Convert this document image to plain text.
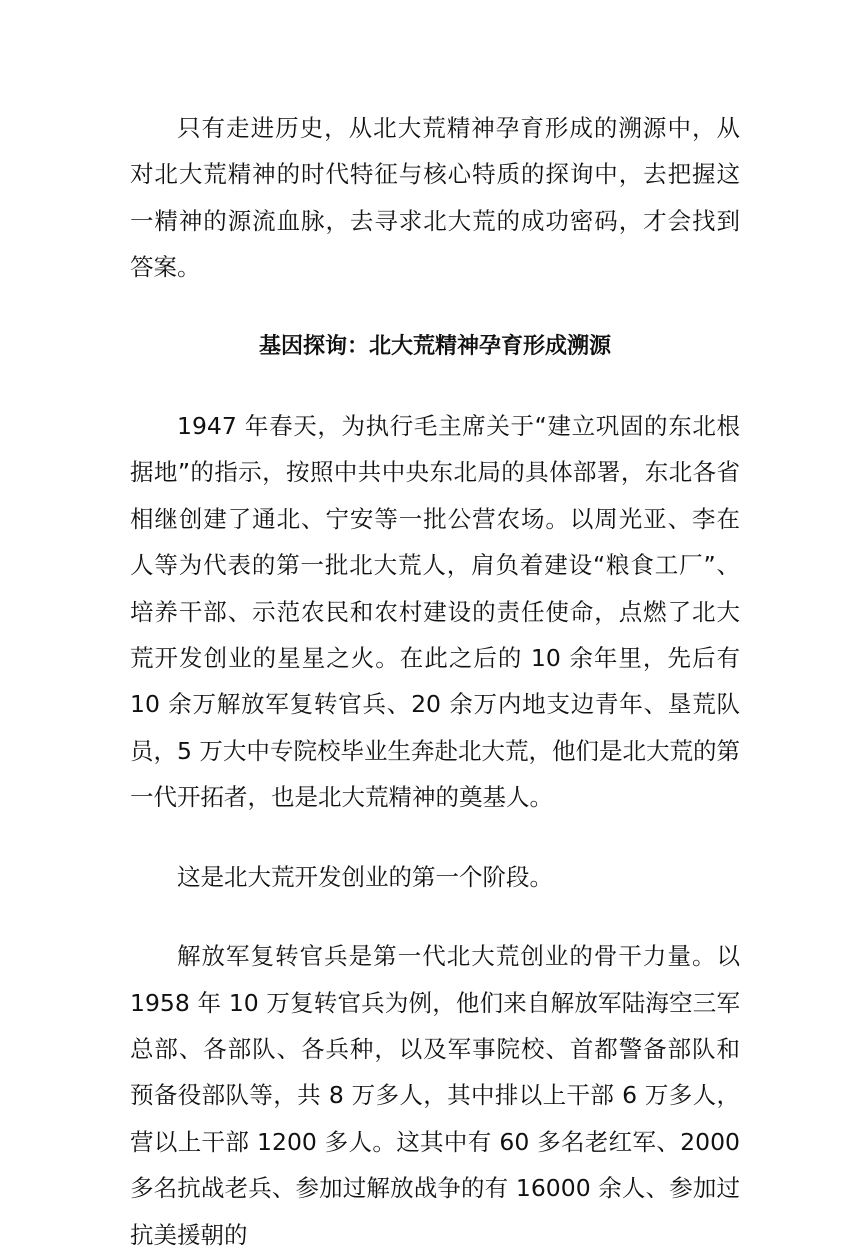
只有走进历史，从北大荒精神孕育形成的溯源中，从对北大荒精神的时代特征与核心特质的探询中，去把握这一精神的源流血脉，去寻求北大荒的成功密码，才会找到答案。

基因探询：北大荒精神孕育形成溯源

1947 年春天，为执行毛主席关于“建立巩固的东北根据地”的指示，按照中共中央东北局的具体部署，东北各省相继创建了通北、宁安等一批公营农场。以周光亚、李在人等为代表的第一批北大荒人，肩负着建设“粮食工厂”、培养干部、示范农民和农村建设的责任使命，点燃了北大荒开发创业的星星之火。在此之后的 10 余年里，先后有 10 余万解放军复转官兵、20 余万内地支边青年、垦荒队员，5 万大中专院校毕业生奔赴北大荒，他们是北大荒的第一代开拓者，也是北大荒精神的奠基人。

这是北大荒开发创业的第一个阶段。

解放军复转官兵是第一代北大荒创业的骨干力量。以 1958 年 10 万复转官兵为例，他们来自解放军陆海空三军总部、各部队、各兵种，以及军事院校、首都警备部队和预备役部队等，共 8 万多人，其中排以上干部 6 万多人，营以上干部 1200 多人。这其中有 60 多名老红军、2000 多名抗战老兵、参加过解放战争的有 16000 余人、参加过抗美援朝的
